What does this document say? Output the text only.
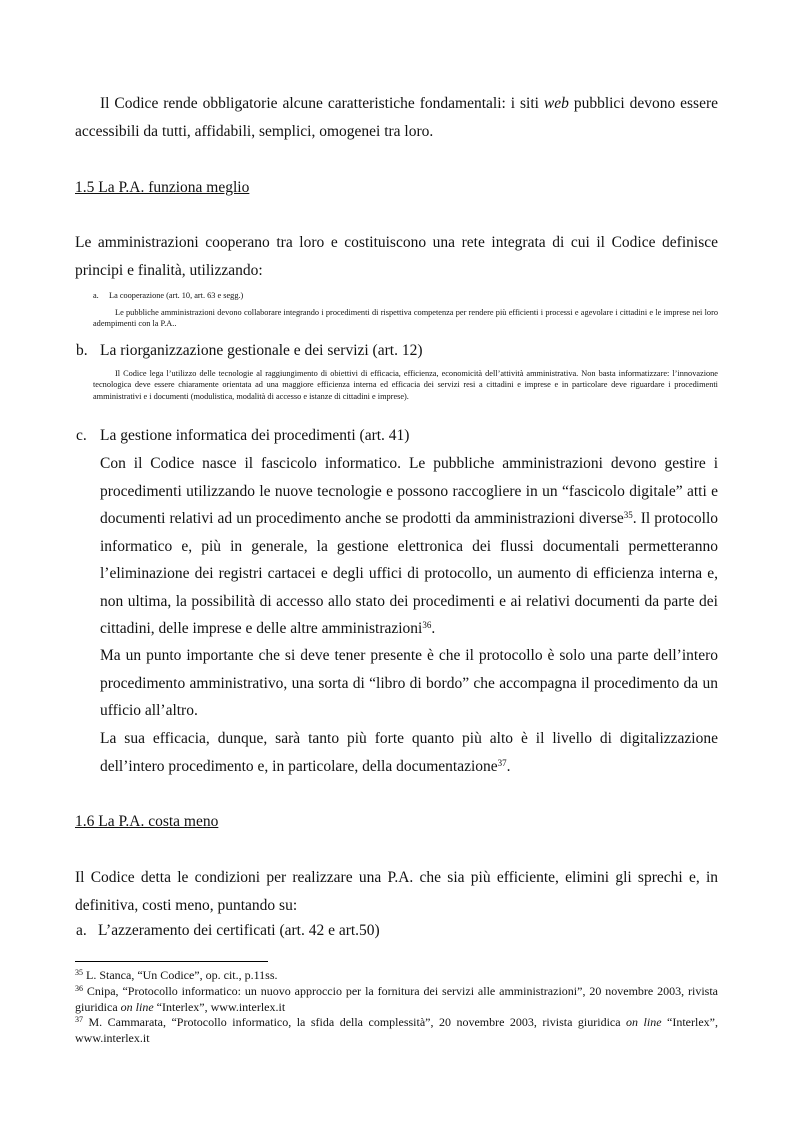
Il Codice rende obbligatorie alcune caratteristiche fondamentali: i siti web pubblici devono essere accessibili da tutti, affidabili, semplici, omogenei tra loro.

1.5 La P.A. funziona meglio

Le amministrazioni cooperano tra loro e costituiscono una rete integrata di cui il Codice definisce principi e finalità, utilizzando:

a. La cooperazione (art. 10, art. 63 e segg.)

Le pubbliche amministrazioni devono collaborare integrando i procedimenti di rispettiva competenza per rendere più efficienti i processi e agevolare i cittadini e le imprese nei loro adempimenti con la P.A..

b. La riorganizzazione gestionale e dei servizi (art. 12)

Il Codice lega l’utilizzo delle tecnologie al raggiungimento di obiettivi di efficacia, efficienza, economicità dell’attività amministrativa. Non basta informatizzare: l’innovazione tecnologica deve essere chiaramente orientata ad una maggiore efficienza interna ed efficacia dei servizi resi a cittadini e imprese e in particolare deve riguardare i procedimenti amministrativi e i documenti (modulistica, modalità di accesso e istanze di cittadini e imprese).

c. La gestione informatica dei procedimenti (art. 41)

Con il Codice nasce il fascicolo informatico. Le pubbliche amministrazioni devono gestire i procedimenti utilizzando le nuove tecnologie e possono raccogliere in un “fascicolo digitale” atti e documenti relativi ad un procedimento anche se prodotti da amministrazioni diverse$^{35}$. Il protocollo informatico e, più in generale, la gestione elettronica dei flussi documentali permetteranno l’eliminazione dei registri cartacei e degli uffici di protocollo, un aumento di efficienza interna e, non ultima, la possibilità di accesso allo stato dei procedimenti e ai relativi documenti da parte dei cittadini, delle imprese e delle altre amministrazioni$^{36}$.

Ma un punto importante che si deve tener presente è che il protocollo è solo una parte dell’intero procedimento amministrativo, una sorta di “libro di bordo” che accompagna il procedimento da un ufficio all’altro.

La sua efficacia, dunque, sarà tanto più forte quanto più alto è il livello di digitalizzazione dell’intero procedimento e, in particolare, della documentazione$^{37}$.

1.6 La P.A. costa meno

Il Codice detta le condizioni per realizzare una P.A. che sia più efficiente, elimini gli sprechi e, in definitiva, costi meno, puntando su:

a. L’azzeramento dei certificati (art. 42 e art.50)
$^{35}$ L. Stanca, “Un Codice”, op. cit., p.11ss.
$^{36}$ Cnipa, “Protocollo informatico: un nuovo approccio per la fornitura dei servizi alle amministrazioni”, 20 novembre 2003, rivista giuridica on line “Interlex”, www.interlex.it
$^{37}$ M. Cammarata, “Protocollo informatico, la sfida della complessità”, 20 novembre 2003, rivista giuridica on line “Interlex”, www.interlex.it
